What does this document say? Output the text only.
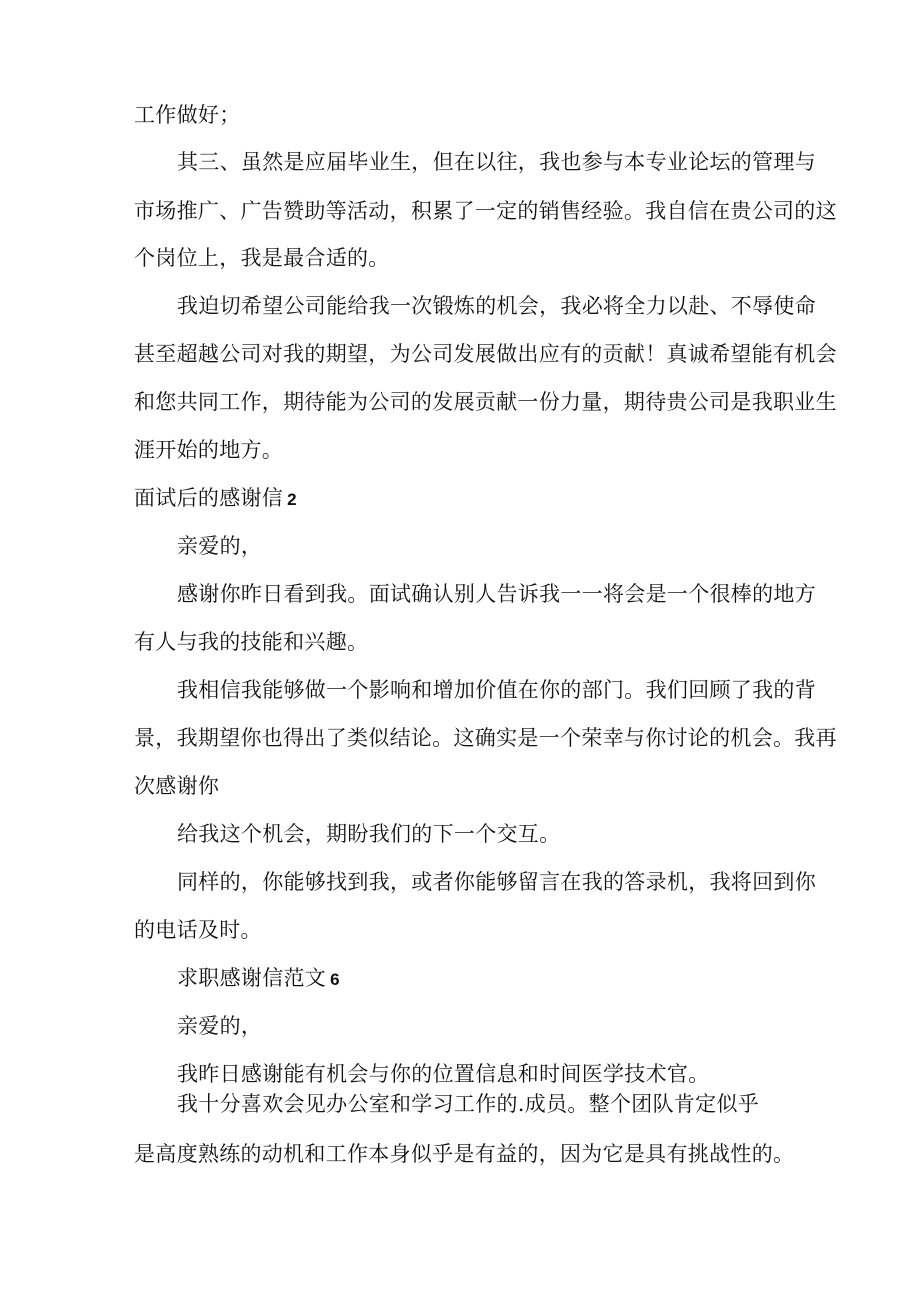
工作做好；
其三、虽然是应届毕业生，但在以往，我也参与本专业论坛的管理与
市场推广、广告赞助等活动，积累了一定的销售经验。我自信在贵公司的这
个岗位上，我是最合适的。
我迫切希望公司能给我一次锻炼的机会，我必将全力以赴、不辱使命
甚至超越公司对我的期望，为公司发展做出应有的贡献！真诚希望能有机会
和您共同工作，期待能为公司的发展贡献一份力量，期待贵公司是我职业生
涯开始的地方。
面试后的感谢信 2
亲爱的，
感谢你昨日看到我。面试确认别人告诉我一一将会是一个很棒的地方
有人与我的技能和兴趣。
我相信我能够做一个影响和增加价值在你的部门。我们回顾了我的背
景，我期望你也得出了类似结论。这确实是一个荣幸与你讨论的机会。我再
次感谢你
给我这个机会，期盼我们的下一个交互。
同样的，你能够找到我，或者你能够留言在我的答录机，我将回到你
的电话及时。
求职感谢信范文 6
亲爱的，
我昨日感谢能有机会与你的位置信息和时间医学技术官。
我十分喜欢会见办公室和学习工作的.成员。整个团队肯定似乎
是高度熟练的动机和工作本身似乎是有益的，因为它是具有挑战性的。
